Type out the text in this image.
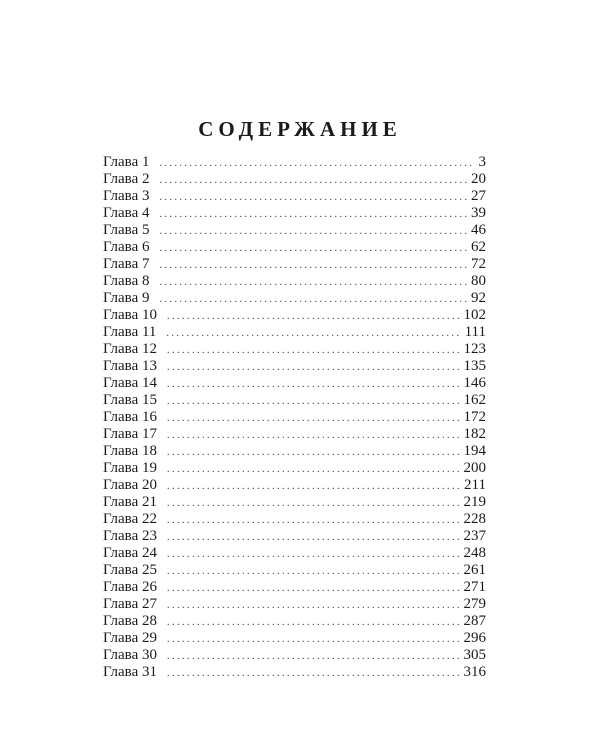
СОДЕРЖАНИЕ
Глава 1 . . .	3
Глава 2 . . .	20
Глава 3 . . .	27
Глава 4 . . .	39
Глава 5 . . .	46
Глава 6 . . .	62
Глава 7 . . .	72
Глава 8 . . .	80
Глава 9 . . .	92
Глава 10 . . .	102
Глава 11 . . .	111
Глава 12 . . .	123
Глава 13 . . .	135
Глава 14 . . .	146
Глава 15 . . .	162
Глава 16 . . .	172
Глава 17 . . .	182
Глава 18 . . .	194
Глава 19 . . .	200
Глава 20 . . .	211
Глава 21 . . .	219
Глава 22 . . .	228
Глава 23 . . .	237
Глава 24 . . .	248
Глава 25 . . .	261
Глава 26 . . .	271
Глава 27 . . .	279
Глава 28 . . .	287
Глава 29 . . .	296
Глава 30 . . .	305
Глава 31 . . .	316
